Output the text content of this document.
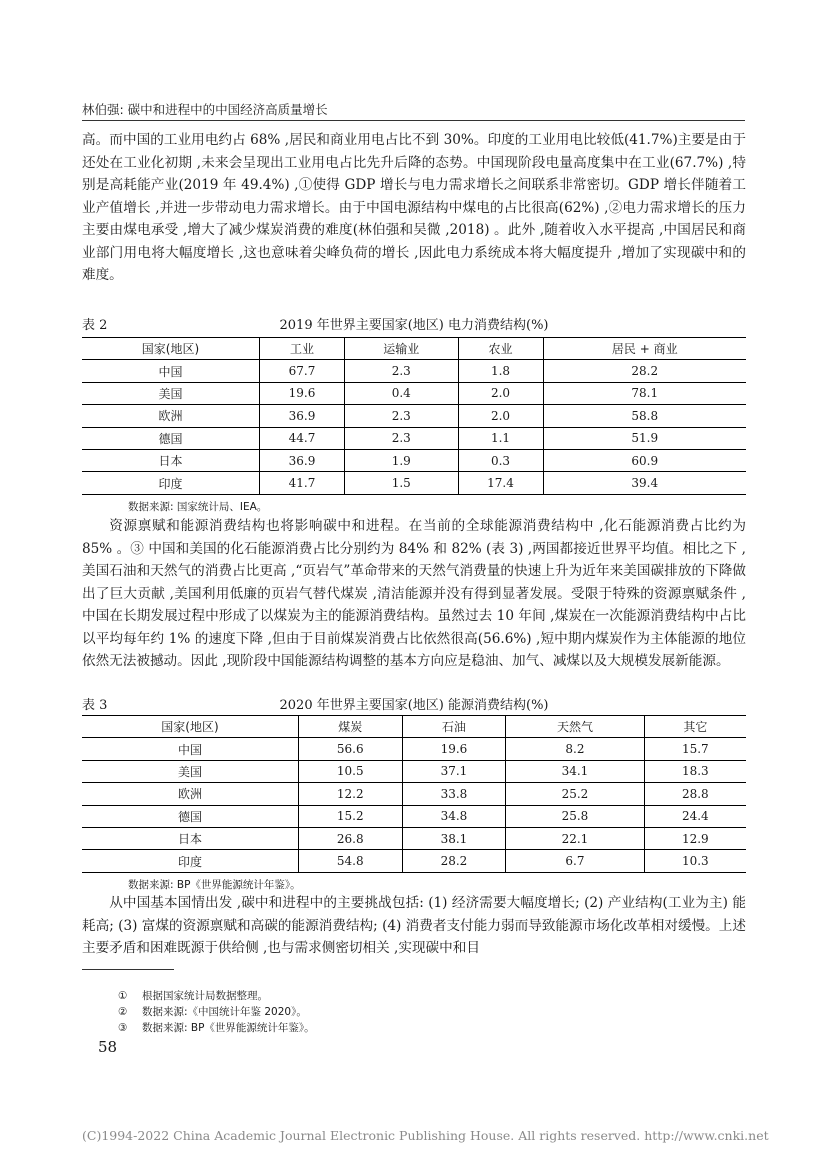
林伯强: 碳中和进程中的中国经济高质量增长

高。而中国的工业用电约占 68% ,居民和商业用电占比不到 30%。印度的工业用电比较低(41.7%)主要是由于还处在工业化初期 ,未来会呈现出工业用电占比先升后降的态势。中国现阶段电量高度集中在工业(67.7%) ,特别是高耗能产业(2019 年 49.4%) ,①使得 GDP 增长与电力需求增长之间联系非常密切。GDP 增长伴随着工业产值增长 ,并进一步带动电力需求增长。由于中国电源结构中煤电的占比很高(62%) ,②电力需求增长的压力主要由煤电承受 ,增大了减少煤炭消费的难度(林伯强和吴微 ,2018) 。此外 ,随着收入水平提高 ,中国居民和商业部门用电将大幅度增长 ,这也意味着尖峰负荷的增长 ,因此电力系统成本将大幅度提升 ,增加了实现碳中和的难度。

表 2	2019 年世界主要国家(地区) 电力消费结构(%)
国家(地区)	工业	运输业	农业	居民 + 商业
中国	67.7	2.3	1.8	28.2
美国	19.6	0.4	2.0	78.1
欧洲	36.9	2.3	2.0	58.8
德国	44.7	2.3	1.1	51.9
日本	36.9	1.9	0.3	60.9
印度	41.7	1.5	17.4	39.4
数据来源: 国家统计局、IEA。

资源禀赋和能源消费结构也将影响碳中和进程。在当前的全球能源消费结构中 ,化石能源消费占比约为 85% 。③ 中国和美国的化石能源消费占比分别约为 84% 和 82% (表 3) ,两国都接近世界平均值。相比之下 ,美国石油和天然气的消费占比更高 ,“页岩气”革命带来的天然气消费量的快速上升为近年来美国碳排放的下降做出了巨大贡献 ,美国利用低廉的页岩气替代煤炭 ,清洁能源并没有得到显著发展。受限于特殊的资源禀赋条件 ,中国在长期发展过程中形成了以煤炭为主的能源消费结构。虽然过去 10 年间 ,煤炭在一次能源消费结构中占比以平均每年约 1% 的速度下降 ,但由于目前煤炭消费占比依然很高(56.6%) ,短中期内煤炭作为主体能源的地位依然无法被撼动。因此 ,现阶段中国能源结构调整的基本方向应是稳油、加气、减煤以及大规模发展新能源。

表 3	2020 年世界主要国家(地区) 能源消费结构(%)
国家(地区)	煤炭	石油	天然气	其它
中国	56.6	19.6	8.2	15.7
美国	10.5	37.1	34.1	18.3
欧洲	12.2	33.8	25.2	28.8
德国	15.2	34.8	25.8	24.4
日本	26.8	38.1	22.1	12.9
印度	54.8	28.2	6.7	10.3
数据来源: BP《世界能源统计年鉴》。

从中国基本国情出发 ,碳中和进程中的主要挑战包括: (1) 经济需要大幅度增长; (2) 产业结构(工业为主) 能耗高; (3) 富煤的资源禀赋和高碳的能源消费结构; (4) 消费者支付能力弱而导致能源市场化改革相对缓慢。上述主要矛盾和困难既源于供给侧 ,也与需求侧密切相关 ,实现碳中和目

① 根据国家统计局数据整理。
② 数据来源:《中国统计年鉴 2020》。
③ 数据来源: BP《世界能源统计年鉴》。
58
(C)1994-2022 China Academic Journal Electronic Publishing House. All rights reserved. http://www.cnki.net
